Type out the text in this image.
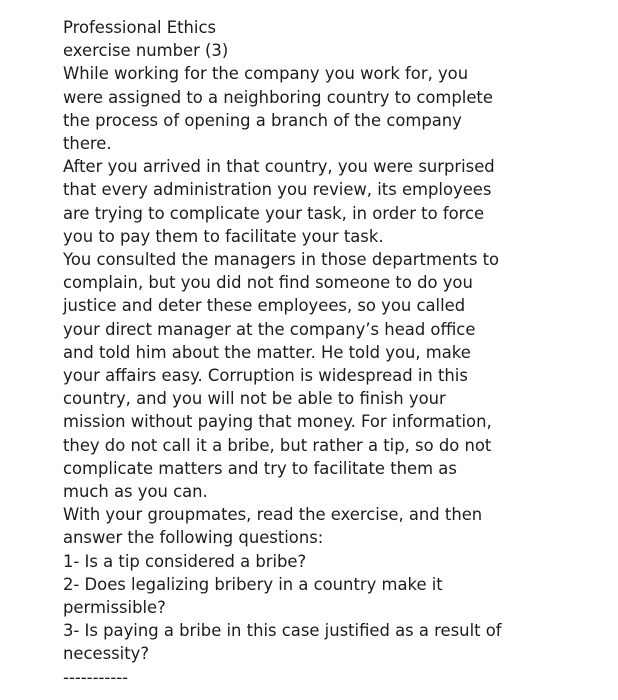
Professional Ethics
exercise number (3)
While working for the company you work for, you
were assigned to a neighboring country to complete
the process of opening a branch of the company
there.
After you arrived in that country, you were surprised
that every administration you review, its employees
are trying to complicate your task, in order to force
you to pay them to facilitate your task.
You consulted the managers in those departments to
complain, but you did not find someone to do you
justice and deter these employees, so you called
your direct manager at the company’s head office
and told him about the matter. He told you, make
your affairs easy. Corruption is widespread in this
country, and you will not be able to finish your
mission without paying that money. For information,
they do not call it a bribe, but rather a tip, so do not
complicate matters and try to facilitate them as
much as you can.
With your groupmates, read the exercise, and then
answer the following questions:
1- Is a tip considered a bribe?
2- Does legalizing bribery in a country make it
permissible?
3- Is paying a bribe in this case justified as a result of
necessity?
-----------
